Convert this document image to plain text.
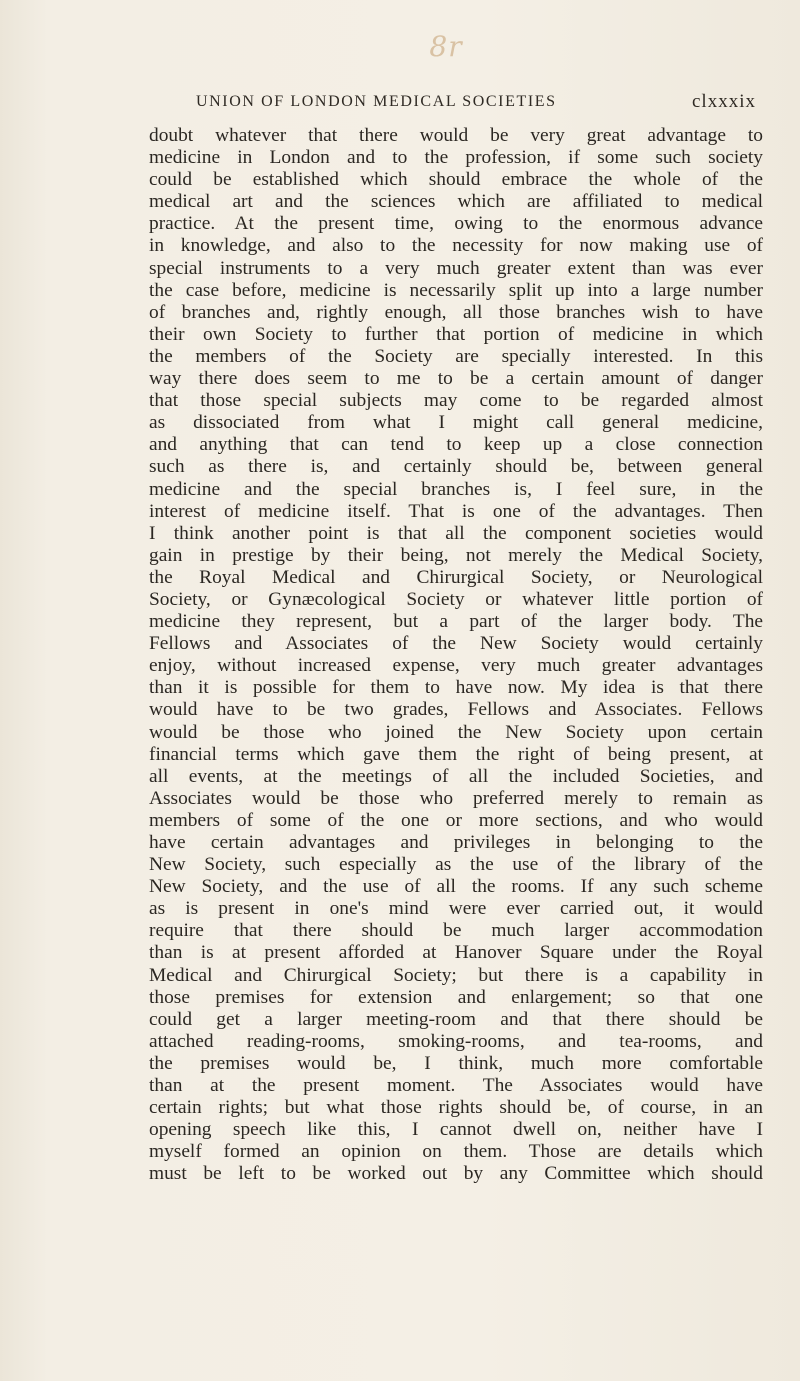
8r
UNION OF LONDON MEDICAL SOCIETIES	clxxxix
doubt whatever that there would be very great advantage to
medicine in London and to the profession, if some such society
could be established which should embrace the whole of the
medical art and the sciences which are affiliated to medical
practice. At the present time, owing to the enormous advance
in knowledge, and also to the necessity for now making use of
special instruments to a very much greater extent than was ever
the case before, medicine is necessarily split up into a large number
of branches and, rightly enough, all those branches wish to have
their own Society to further that portion of medicine in which
the members of the Society are specially interested. In this
way there does seem to me to be a certain amount of danger
that those special subjects may come to be regarded almost
as dissociated from what I might call general medicine,
and anything that can tend to keep up a close connection
such as there is, and certainly should be, between general
medicine and the special branches is, I feel sure, in the
interest of medicine itself. That is one of the advantages. Then
I think another point is that all the component societies would
gain in prestige by their being, not merely the Medical Society,
the Royal Medical and Chirurgical Society, or Neurological
Society, or Gynæcological Society or whatever little portion of
medicine they represent, but a part of the larger body. The
Fellows and Associates of the New Society would certainly
enjoy, without increased expense, very much greater advantages
than it is possible for them to have now. My idea is that there
would have to be two grades, Fellows and Associates. Fellows
would be those who joined the New Society upon certain
financial terms which gave them the right of being present, at
all events, at the meetings of all the included Societies, and
Associates would be those who preferred merely to remain as
members of some of the one or more sections, and who would
have certain advantages and privileges in belonging to the
New Society, such especially as the use of the library of the
New Society, and the use of all the rooms. If any such scheme
as is present in one's mind were ever carried out, it would
require that there should be much larger accommodation
than is at present afforded at Hanover Square under the Royal
Medical and Chirurgical Society; but there is a capability in
those premises for extension and enlargement; so that one
could get a larger meeting-room and that there should be
attached reading-rooms, smoking-rooms, and tea-rooms, and
the premises would be, I think, much more comfortable
than at the present moment. The Associates would have
certain rights; but what those rights should be, of course, in an
opening speech like this, I cannot dwell on, neither have I
myself formed an opinion on them. Those are details which
must be left to be worked out by any Committee which should
